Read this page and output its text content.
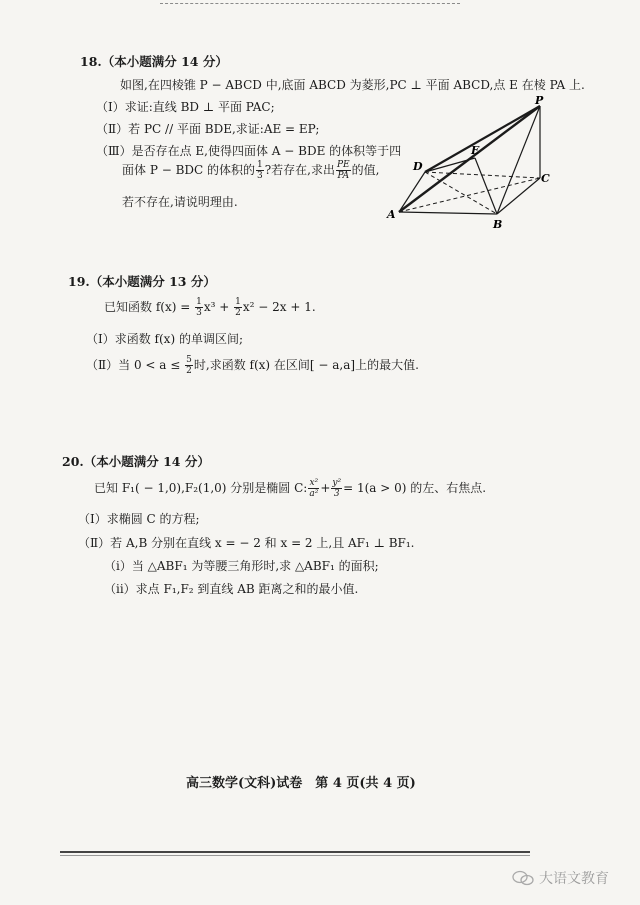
18.（本小题满分 14 分）
如图,在四棱锥 P − ABCD 中,底面 ABCD 为菱形,PC ⊥ 平面 ABCD,点 E 在棱 PA 上.
（Ⅰ）求证:直线 BD ⊥ 平面 PAC;
（Ⅱ）若 PC // 平面 BDE,求证:AE = EP;
（Ⅲ）是否存在点 E,使得四面体 A − BDE 的体积等于四
面体 P − BDC 的体积的 $\frac{1}{3}$ ?若存在,求出 $\frac{PE}{PA}$ 的值,
若不存在,请说明理由.
P
D
E
C
A
B
19.（本小题满分 13 分）
已知函数 $f(x) = \frac{1}{3} x^3 + \frac{1}{2} x^2 - 2x + 1$.
（Ⅰ）求函数 f(x) 的单调区间;
（Ⅱ）当 $0 < a \le \frac{5}{2}$ 时,求函数 f(x) 在区间[ − a,a]上的最大值.
20.（本小题满分 14 分）
已知 F₁( − 1,0),F₂(1,0) 分别是椭圆 C: $\frac{\text{x²}}{\text{a²}} + \frac{\text{y²}}{3} = 1(a > 0)$ 的左、右焦点.
（Ⅰ）求椭圆 C 的方程;
（Ⅱ）若 A,B 分别在直线 x = − 2 和 x = 2 上,且 AF₁ ⊥ BF₁.
（i）当 △ABF₁ 为等腰三角形时,求 △ABF₁ 的面积;
（ii）求点 F₁,F₂ 到直线 AB 距离之和的最小值.
高三数学(文科)试卷　第 4 页(共 4 页)
大语文教育
